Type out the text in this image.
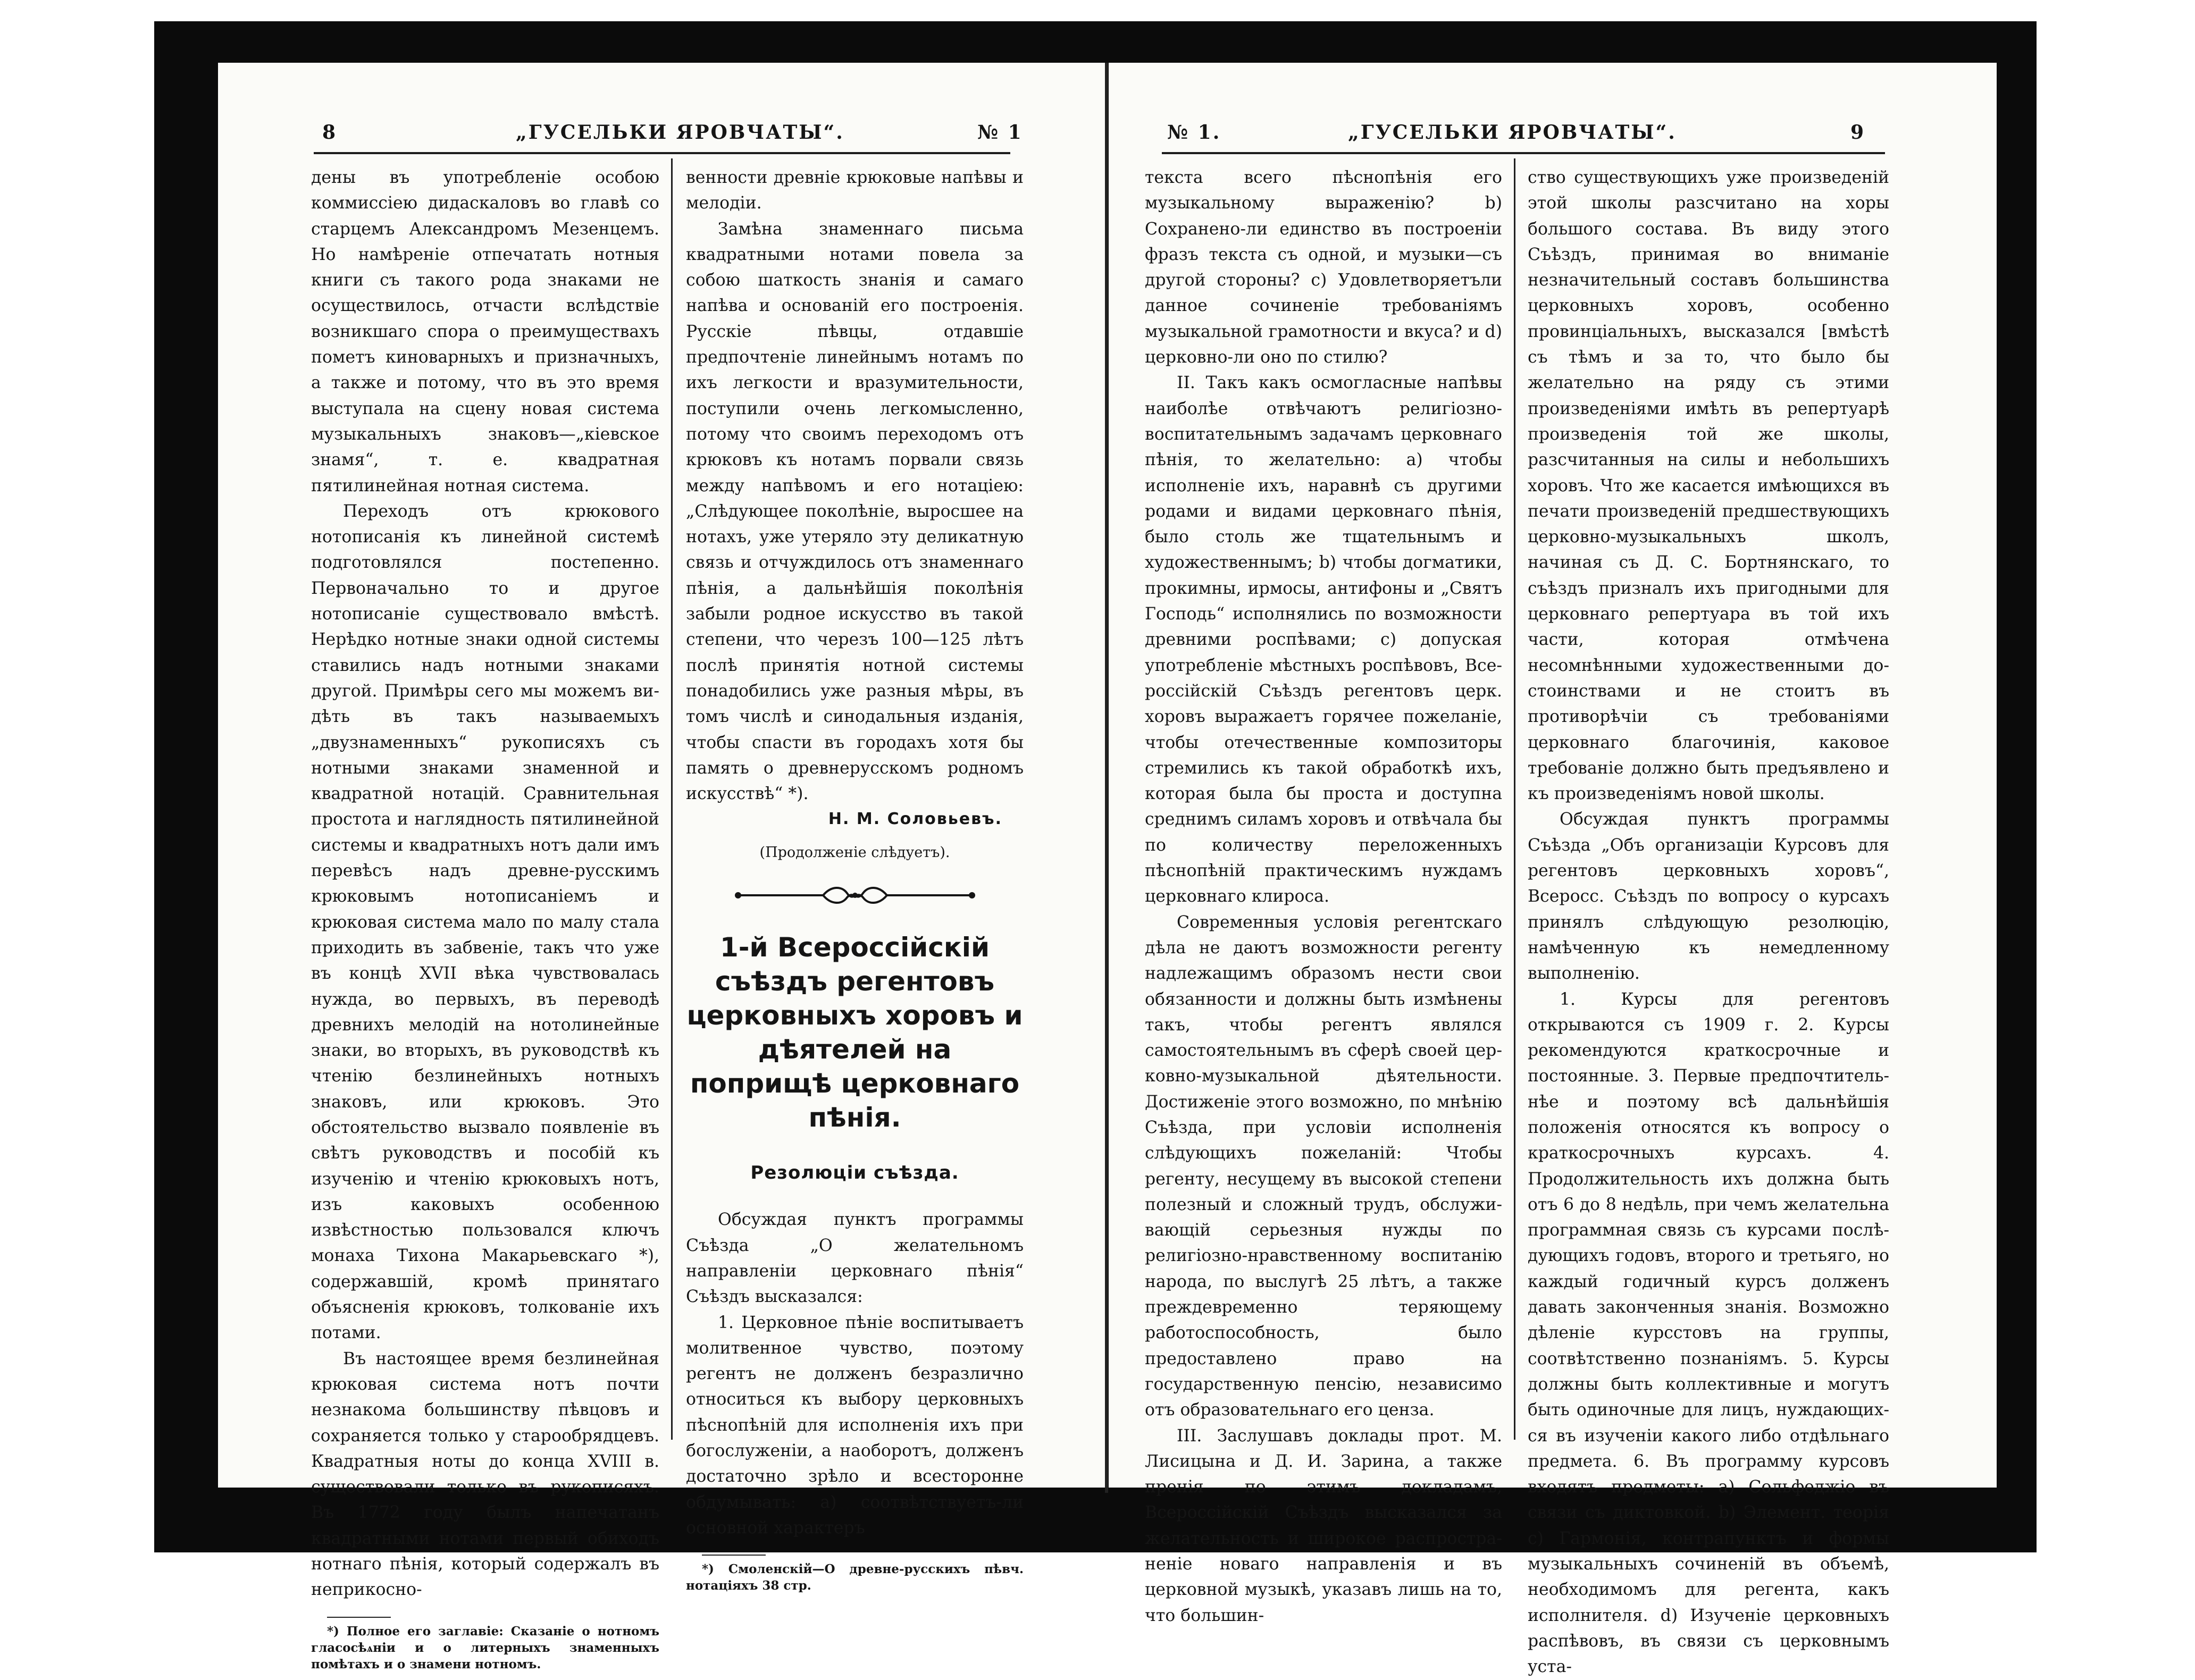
8	„ГУСЕЛЬКИ ЯРОВЧАТЫ“.	№ 1

дены въ употребленіе особою коммиссіею дидаскаловъ во главѣ со старцемъ Александромъ Мезенцемъ. Но намѣреніе отпечатать нотныя книги съ такого рода знаками не осуществилось, отчасти вслѣдствіе возникшаго спора о преимуществахъ пометъ киноварныхъ и призначныхъ, а также и потому, что въ это время выступала на сцену новая система музыкальныхъ знаковъ—„кіевское знамя“, т. е. квадратная пятилинейная нотная система.

Переходъ отъ крюкового нотописанія къ линейной системѣ подготовлялся постепенно. Первоначально то и другое нотописаніе существовало вмѣстѣ. Нерѣдко нотные знаки одной системы ставились надъ нотными знаками другой. Примѣры сего мы можемъ видѣть въ такъ называемыхъ „двузнаменныхъ“ рукописяхъ съ нотными знаками знаменной и квадратной нотацій. Сравнительная простота и наглядность пятилинейной системы и квадратныхъ нотъ дали имъ перевѣсъ надъ древне-русскимъ крюковымъ нотописаніемъ и крюковая система мало по малу стала приходить въ забвеніе, такъ что уже въ концѣ XVII вѣка чувствовалась нужда, во первыхъ, въ переводѣ древнихъ мелодій на нотолинейные знаки, во вторыхъ, въ руководствѣ къ чтенію безлинейныхъ нотныхъ знаковъ, или крюковъ. Это обстоятельство вызвало появленіе въ свѣтъ руководствъ и пособій къ изученію и чтенію крюковыхъ нотъ, изъ каковыхъ особенною извѣстностью пользовался ключъ монаха Тихона Макарьевскаго *), содержавшій, кромѣ принятаго объясненія крюковъ, толкованіе ихъ потами.

Въ настоящее время безлинейная крюковая система нотъ почти незнакома большинству пѣвцовъ и сохраняется только у старообрядцевъ. Квадратныя ноты до конца XVIII в. существовали только въ рукописяхъ. Въ 1772 году былъ напечатанъ квадратными нотами первый обиходъ нотнаго пѣнія, который содержалъ въ неприкосно-

*) Полное его заглавіе: Сказаніе о нотномъ гласосѣѧніи и о литерныхъ знаменныхъ помѣтахъ и о знамени нотномъ.

венности древніе крюковые напѣвы и мелодіи.

Замѣна знаменнаго письма квадратными нотами повела за собою шаткость знанія и самаго напѣва и основаній его построенія. Русскіе пѣвцы, отдавшіе предпочтеніе линейнымъ нотамъ по ихъ легкости и вразумительности, поступили очень легкомысленно, потому что своимъ переходомъ отъ крюковъ къ нотамъ порвали связь между напѣвомъ и его нотаціею: „Слѣдующее поколѣніе, выросшее на нотахъ, уже утеряло эту деликатную связь и отчуждилось отъ знаменнаго пѣнія, а дальнѣйшія поколѣнія забыли родное искусство въ такой степени, что черезъ 100—125 лѣтъ послѣ принятія нотной системы понадобились уже разныя мѣры, въ томъ числѣ и синодальныя изданія, чтобы спасти въ городахъ хотя бы память о древнерусскомъ родномъ искусствѣ“ *).

Н. М. Соловьевъ.

(Продолженіе слѣдуетъ).

1-й Всероссійскій съѣздъ регентовъ церковныхъ хоровъ и дѣятелей на поприщѣ церковнаго пѣнія.
Резолюціи съѣзда.

Обсуждая пунктъ программы Съѣзда „О желательномъ направленіи церковнаго пѣнія“ Съѣздъ высказался:

1. Церковное пѣніе воспитываетъ молитвенное чувство, поэтому регентъ не долженъ безразлично относиться къ выбору церковныхъ пѣснопѣній для исполненія ихъ при богослуженіи, а наоборотъ, долженъ достаточно зрѣло и всесторонне обдумывать: а) соотвѣтствуетъ-ли основной характеръ

*) Смоленскій—О древне-русскихъ пѣвч. нотаціяхъ 38 стр.

№ 1.	„ГУСЕЛЬКИ ЯРОВЧАТЫ“.	9

текста всего пѣснопѣнія его музыкальному выраженію? b) Сохранено-ли единство въ построеніи фразъ текста съ одной, и музыки—съ другой стороны? с) Удовлетворяетъли данное сочиненіе требованіямъ музыкальной грамотности и вкуса? и d) церковно-ли оно по стилю?

II. Такъ какъ осмогласные напѣвы наиболѣе отвѣчаютъ религіозно-воспитательнымъ задачамъ церковнаго пѣнія, то желательно: а) чтобы исполненіе ихъ, наравнѣ съ другими родами и видами церковнаго пѣнія, было столь же тщательнымъ и художественнымъ; b) чтобы догматики, прокимны, ирмосы, антифоны и „Святъ Господь“ исполнялись по возможности древними роспѣвами; с) допуская употребленіе мѣстныхъ роспѣвовъ, Всероссійскій Съѣздъ регентовъ церк. хоровъ выражаетъ горячее пожеланіе, чтобы отечественные композиторы стремились къ такой обработкѣ ихъ, которая была бы проста и доступна среднимъ силамъ хоровъ и отвѣчала бы по количеству переложенныхъ пѣснопѣній практическимъ нуждамъ церковнаго клироса.

Современныя условія регентскаго дѣла не даютъ возможности регенту надлежащимъ образомъ нести свои обязанности и должны быть измѣнены такъ, чтобы регентъ являлся самостоятельнымъ въ сферѣ своей церковно-музыкальной дѣятельности. Достиженіе этого возможно, по мнѣнію Съѣзда, при условіи исполненія слѣдующихъ пожеланій: Чтобы регенту, несущему въ высокой степени полезный и сложный трудъ, обслуживающій серьезныя нужды по религіозно-нравственному воспитанію народа, по выслугѣ 25 лѣтъ, а также преждевременно теряющему работоспособность, было предоставлено право на государственную пенсію, независимо отъ образовательнаго его ценза.

III. Заслушавъ доклады прот. М. Лисицына и Д. И. Зарина, а также пренія по этимъ докладамъ, Всероссійскій Съѣздъ высказался за желательность и широкое распространеніе новаго направленія и въ церковной музыкѣ, указавъ лишь на то, что большин-

ство существующихъ уже произведеній этой школы разсчитано на хоры большого состава. Въ виду этого Съѣздъ, принимая во вниманіе незначительный составъ большинства церковныхъ хоровъ, особенно провинціальныхъ, высказался [вмѣстѣ съ тѣмъ и за то, что было бы желательно на ряду съ этими произведеніями имѣть въ репертуарѣ произведенія той же школы, разсчитанныя на силы и небольшихъ хоровъ. Что же касается имѣющихся въ печати произведеній предшествующихъ церковно-музыкальныхъ школъ, начиная съ Д. С. Бортнянскаго, то съѣздъ призналъ ихъ пригодными для церковнаго репертуара въ той ихъ части, которая отмѣчена несомнѣнными художественными достоинствами и не стоитъ въ противорѣчіи съ требованіями церковнаго благочинія, каковое требованіе должно быть предъявлено и къ произведеніямъ новой школы.

Обсуждая пунктъ программы Съѣзда „Объ организаціи Курсовъ для регентовъ церковныхъ хоровъ“, Всеросс. Съѣздъ по вопросу о курсахъ принялъ слѣдующую резолюцію, намѣченную къ немедленному выполненію.

1. Курсы для регентовъ открываются съ 1909 г. 2. Курсы рекомендуются краткосрочные и постоянные. 3. Первые предпочтительнѣе и поэтому всѣ дальнѣйшія положенія относятся къ вопросу о краткосрочныхъ курсахъ. 4. Продолжительность ихъ должна быть отъ 6 до 8 недѣль, при чемъ желательна программная связь съ курсами послѣдующихъ годовъ, второго и третьяго, но каждый годичный курсъ долженъ давать законченныя знанія. Возможно дѣленіе курсстовъ на группы, соотвѣтственно познаніямъ. 5. Курсы должны быть коллективные и могутъ быть одиночные для лицъ, нуждающихся въ изученіи какого либо отдѣльнаго предмета. 6. Въ программу курсовъ входятъ предметы: а) Сольфеджіо въ связи съ диктовкой. b) Элемент. теорія с) Гармонія, контрапунктъ и формы музыкальныхъ сочиненій въ объемѣ, необходимомъ для регента, какъ исполнителя. d) Изученіе церковныхъ распѣвовъ, въ связи съ церковнымъ уста-
